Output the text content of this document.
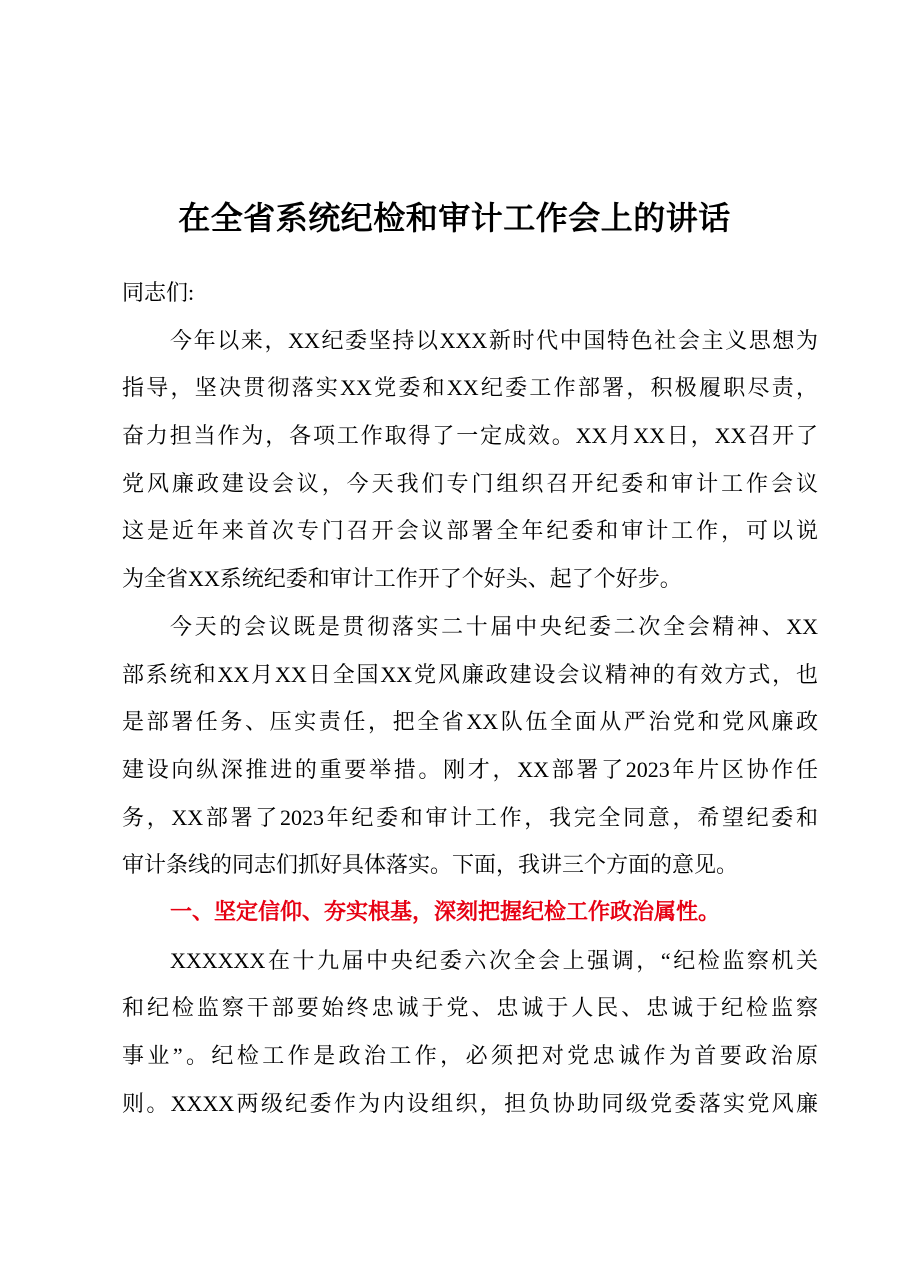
在全省系统纪检和审计工作会上的讲话
同志们:
今年以来，XX纪委坚持以XXX新时代中国特色社会主义思想为
指导，坚决贯彻落实XX党委和XX纪委工作部署，积极履职尽责，
奋力担当作为，各项工作取得了一定成效。XX月XX日，XX召开了
党风廉政建设会议，今天我们专门组织召开纪委和审计工作会议
这是近年来首次专门召开会议部署全年纪委和审计工作，可以说
为全省XX系统纪委和审计工作开了个好头、起了个好步。
今天的会议既是贯彻落实二十届中央纪委二次全会精神、XX
部系统和XX月XX日全国XX党风廉政建设会议精神的有效方式，也
是部署任务、压实责任，把全省XX队伍全面从严治党和党风廉政
建设向纵深推进的重要举措。刚才，XX部署了2023年片区协作任
务，XX部署了2023年纪委和审计工作，我完全同意，希望纪委和
审计条线的同志们抓好具体落实。下面，我讲三个方面的意见。
一、坚定信仰、夯实根基，深刻把握纪检工作政治属性。
XXXXXX在十九届中央纪委六次全会上强调，“纪检监察机关
和纪检监察干部要始终忠诚于党、忠诚于人民、忠诚于纪检监察
事业”。纪检工作是政治工作，必须把对党忠诚作为首要政治原
则。XXXX两级纪委作为内设组织，担负协助同级党委落实党风廉
